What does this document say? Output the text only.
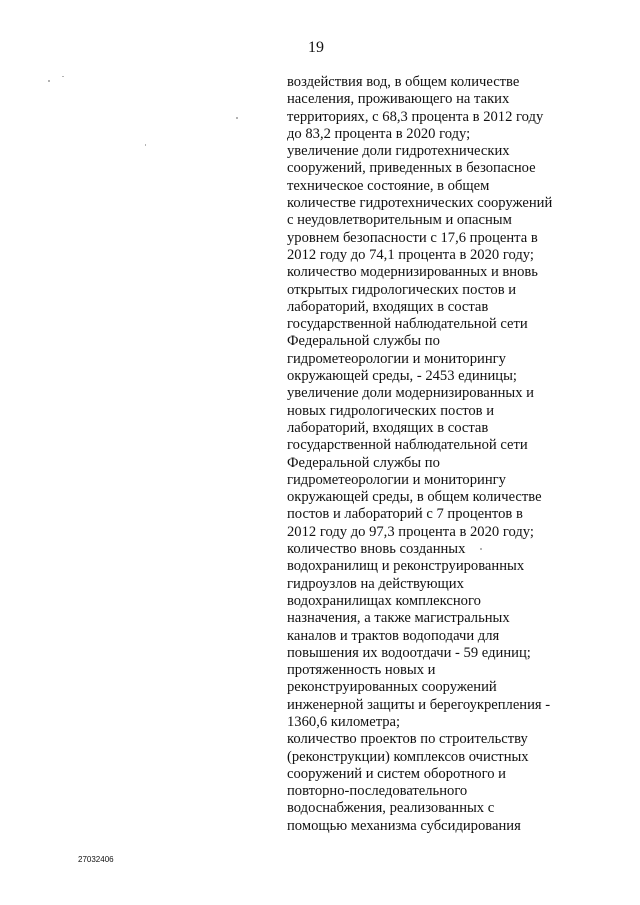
19

воздействия вод, в общем количестве
населения, проживающего на таких
территориях, с 68,3 процента в 2012 году
до 83,2 процента в 2020 году;
увеличение доли гидротехнических
сооружений, приведенных в безопасное
техническое состояние, в общем
количестве гидротехнических сооружений
с неудовлетворительным и опасным
уровнем безопасности с 17,6 процента в
2012 году до 74,1 процента в 2020 году;
количество модернизированных и вновь
открытых гидрологических постов и
лабораторий, входящих в состав
государственной наблюдательной сети
Федеральной службы по
гидрометеорологии и мониторингу
окружающей среды, - 2453 единицы;
увеличение доли модернизированных и
новых гидрологических постов и
лабораторий, входящих в состав
государственной наблюдательной сети
Федеральной службы по
гидрометеорологии и мониторингу
окружающей среды, в общем количестве
постов и лабораторий с 7 процентов в
2012 году до 97,3 процента в 2020 году;
количество вновь созданных
водохранилищ и реконструированных
гидроузлов на действующих
водохранилищах комплексного
назначения, а также магистральных
каналов и трактов водоподачи для
повышения их водоотдачи - 59 единиц;
протяженность новых и
реконструированных сооружений
инженерной защиты и берегоукрепления -
1360,6 километра;
количество проектов по строительству
(реконструкции) комплексов очистных
сооружений и систем оборотного и
повторно-последовательного
водоснабжения, реализованных с
помощью механизма субсидирования

27032406
